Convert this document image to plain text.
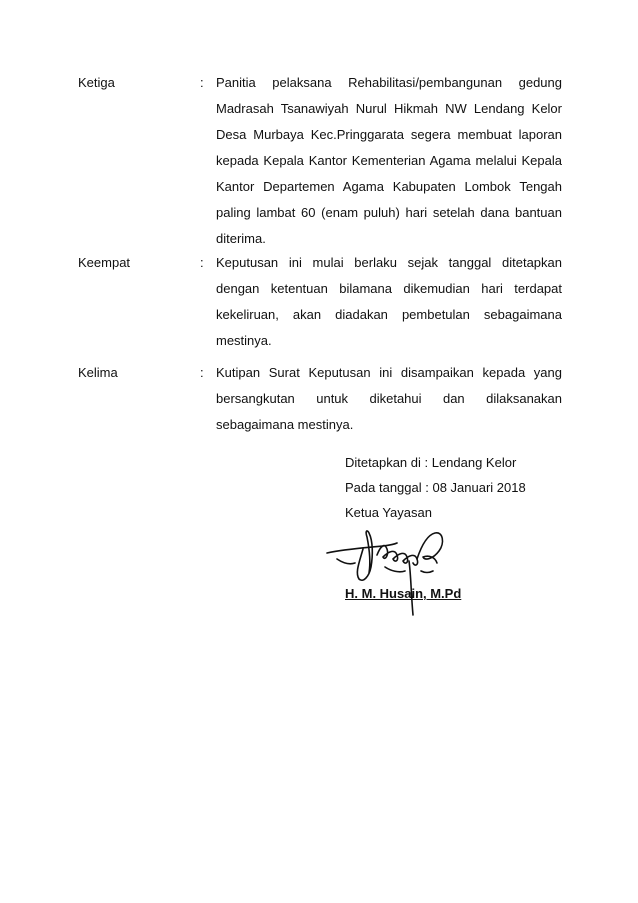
Ketiga	: Panitia pelaksana Rehabilitasi/pembangunan gedung
Madrasah Tsanawiyah Nurul Hikmah NW Lendang Kelor
Desa Murbaya Kec.Pringgarata segera membuat laporan
kepada Kepala Kantor Kementerian Agama melalui Kepala
Kantor Departemen Agama Kabupaten Lombok Tengah
paling lambat 60 (enam puluh) hari setelah dana bantuan
diterima.
Keempat	: Keputusan ini mulai berlaku sejak tanggal ditetapkan
dengan ketentuan bilamana dikemudian hari terdapat
kekeliruan, akan diadakan pembetulan sebagaimana
mestinya.
Kelima	: Kutipan Surat Keputusan ini disampaikan kepada yang
bersangkutan untuk diketahui dan dilaksanakan
sebagaimana mestinya.
Ditetapkan di : Lendang Kelor
Pada tanggal : 08 Januari 2018
Ketua Yayasan
H. M. Husain, M.Pd
